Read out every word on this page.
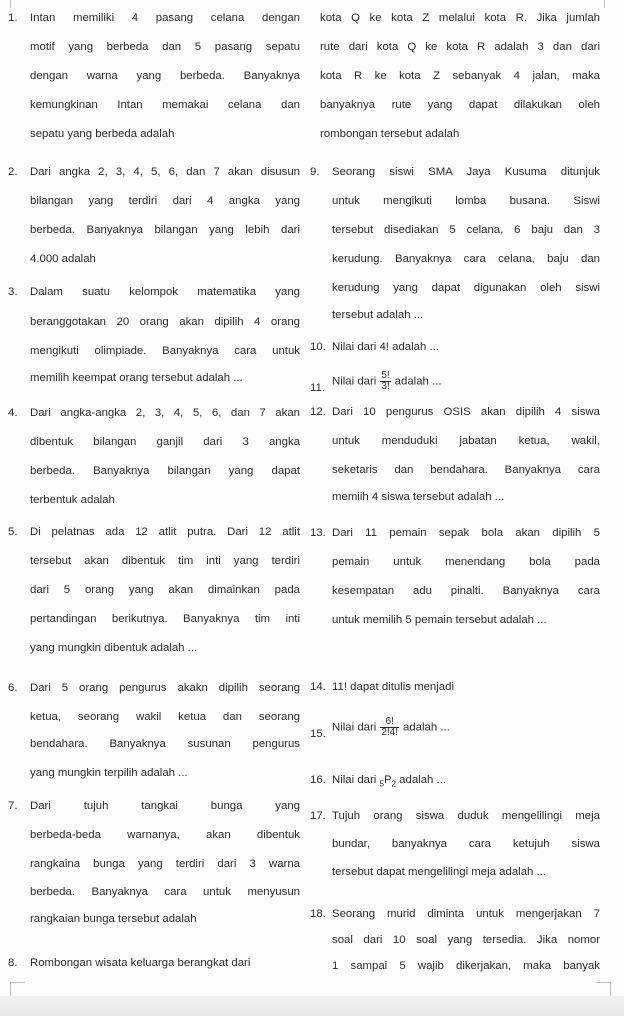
1. Intan memiliki 4 pasang celana dengan
motif yang berbeda dan 5 pasang sepatu
dengan warna yang berbeda. Banyaknya
kemungkinan Intan memakai celana dan
sepatu yang berbeda adalah
2. Dari angka 2, 3, 4, 5, 6, dan 7 akan disusun
bilangan yang terdiri dari 4 angka yang
berbeda. Banyaknya bilangan yang lebih dari
4.000 adalah
3. Dalam suatu kelompok matematika yang
beranggotakan 20 orang akan dipilih 4 orang
mengikuti olimpiade. Banyaknya cara untuk
memilih keempat orang tersebut adalah ...
4. Dari angka-angka 2, 3, 4, 5, 6, dan 7 akan
dibentuk bilangan ganjil dari 3 angka
berbeda. Banyaknya bilangan yang dapat
terbentuk adalah
5. Di pelatnas ada 12 atlit putra. Dari 12 atlit
tersebut akan dibentuk tim inti yang terdiri
dari 5 orang yang akan dimainkan pada
pertandingan berikutnya. Banyaknya tim inti
yang mungkin dibentuk adalah ...
6. Dari 5 orang pengurus akakn dipilih seorang
ketua, seorang wakil ketua dan seorang
bendahara. Banyaknya susunan pengurus
yang mungkin terpilih adalah ...
7. Dari tujuh tangkai bunga yang
berbeda-beda warnanya, akan dibentuk
rangkaina bunga yang terdiri dari 3 warna
berbeda. Banyaknya cara untuk menyusun
rangkaian bunga tersebut adalah
8. Rombongan wisata keluarga berangkat dari
kota Q ke kota Z melalui kota R. Jika jumlah
rute dari kota Q ke kota R adalah 3 dan dari
kota R ke kota Z sebanyak 4 jalan, maka
banyaknya rute yang dapat dilakukan oleh
rombongan tersebut adalah
9. Seorang siswi SMA Jaya Kusuma ditunjuk
untuk mengikuti lomba busana. Siswi
tersebut disediakan 5 celana, 6 baju dan 3
kerudung. Banyaknya cara celana, baju dan
kerudung yang dapat digunakan oleh siswi
tersebut adalah ...
10. Nilai dari 4! adalah ...
11.
Nilai dari $\frac{5!}{3!}$ adalah ...
12. Dari 10 pengurus OSIS akan dipilih 4 siswa
untuk menduduki jabatan ketua, wakil,
seketaris dan bendahara. Banyaknya cara
memiih 4 siswa tersebut adalah ...
13. Dari 11 pemain sepak bola akan dipilih 5
pemain untuk menendang bola pada
kesempatan adu pinalti. Banyaknya cara
untuk memilih 5 pemain tersebut adalah ...
14. 11! dapat ditulis menjadi
15.
Nilai dari $\frac{6!}{2!4!}$ adalah ...
16. Nilai dari $_5P_2$ adalah ...
17. Tujuh orang siswa duduk mengelilingi meja
bundar, banyaknya cara ketujuh siswa
tersebut dapat mengelilingi meja adalah ...
18. Seorang murid diminta untuk mengerjakan 7
soal dari 10 soal yang tersedia. Jika nomor
1 sampai 5 wajib dikerjakan, maka banyak
